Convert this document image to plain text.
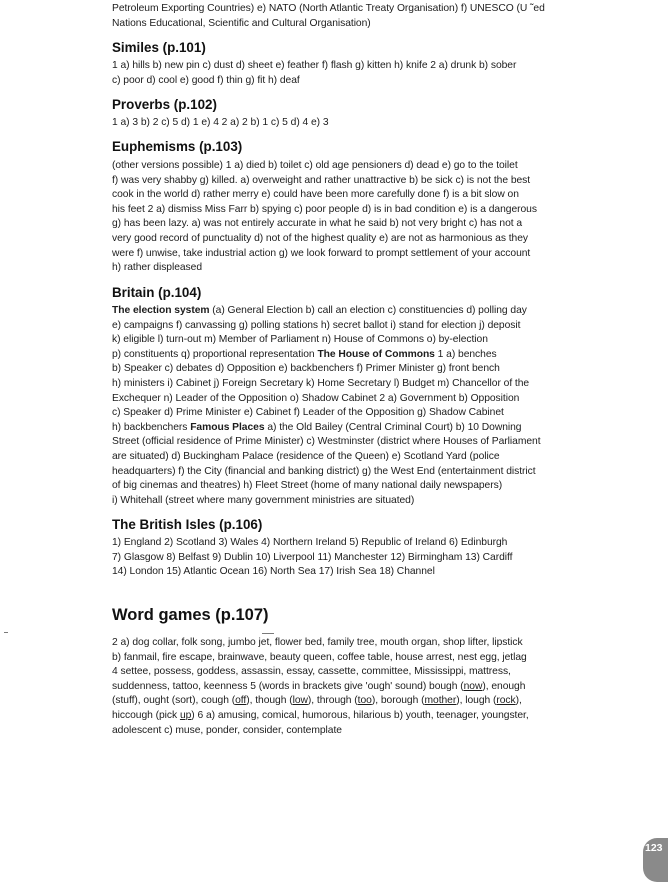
Petroleum Exporting Countries) e) NATO (North Atlantic Treaty Organisation) f) UNESCO (U ˜ed
Nations Educational, Scientific and Cultural Organisation)
Similes (p.101)
1 a) hills b) new pin c) dust d) sheet e) feather f) flash g) kitten h) knife 2 a) drunk b) sober
c) poor d) cool e) good f) thin g) fit h) deaf
Proverbs (p.102)
1 a) 3 b) 2 c) 5 d) 1 e) 4 2 a) 2 b) 1 c) 5 d) 4 e) 3
Euphemisms (p.103)
(other versions possible) 1 a) died b) toilet c) old age pensioners d) dead e) go to the toilet
f) was very shabby g) killed. a) overweight and rather unattractive b) be sick c) is not the best
cook in the world d) rather merry e) could have been more carefully done f) is a bit slow on
his feet 2 a) dismiss Miss Farr b) spying c) poor people d) is in bad condition e) is a dangerous
g) has been lazy. a) was not entirely accurate in what he said b) not very bright c) has not a
very good record of punctuality d) not of the highest quality e) are not as harmonious as they
were f) unwise, take industrial action g) we look forward to prompt settlement of your account
h) rather displeased
Britain (p.104)
The election system (a) General Election b) call an election c) constituencies d) polling day
e) campaigns f) canvassing g) polling stations h) secret ballot i) stand for election j) deposit
k) eligible l) turn-out m) Member of Parliament n) House of Commons o) by-election
p) constituents q) proportional representation The House of Commons 1 a) benches
b) Speaker c) debates d) Opposition e) backbenchers f) Primer Minister g) front bench
h) ministers i) Cabinet j) Foreign Secretary k) Home Secretary l) Budget m) Chancellor of the
Exchequer n) Leader of the Opposition o) Shadow Cabinet 2 a) Government b) Opposition
c) Speaker d) Prime Minister e) Cabinet f) Leader of the Opposition g) Shadow Cabinet
h) backbenchers Famous Places a) the Old Bailey (Central Criminal Court) b) 10 Downing
Street (official residence of Prime Minister) c) Westminster (district where Houses of Parliament
are situated) d) Buckingham Palace (residence of the Queen) e) Scotland Yard (police
headquarters) f) the City (financial and banking district) g) the West End (entertainment district
of big cinemas and theatres) h) Fleet Street (home of many national daily newspapers)
i) Whitehall (street where many government ministries are situated)
The British Isles (p.106)
1) England 2) Scotland 3) Wales 4) Northern Ireland 5) Republic of Ireland 6) Edinburgh
7) Glasgow 8) Belfast 9) Dublin 10) Liverpool 11) Manchester 12) Birmingham 13) Cardiff
14) London 15) Atlantic Ocean 16) North Sea 17) Irish Sea 18) Channel
Word games (p.107)
2 a) dog collar, folk song, jumbo jet, flower bed, family tree, mouth organ, shop lifter, lipstick
b) fanmail, fire escape, brainwave, beauty queen, coffee table, house arrest, nest egg, jetlag
4 settee, possess, goddess, assassin, essay, cassette, committee, Mississippi, mattress,
suddenness, tattoo, keenness 5 (words in brackets give 'ough' sound) bough (now), enough
(stuff), ought (sort), cough (off), though (low), through (too), borough (mother), lough (rock),
hiccough (pick up) 6 a) amusing, comical, humorous, hilarious b) youth, teenager, youngster,
adolescent c) muse, ponder, consider, contemplate
123
